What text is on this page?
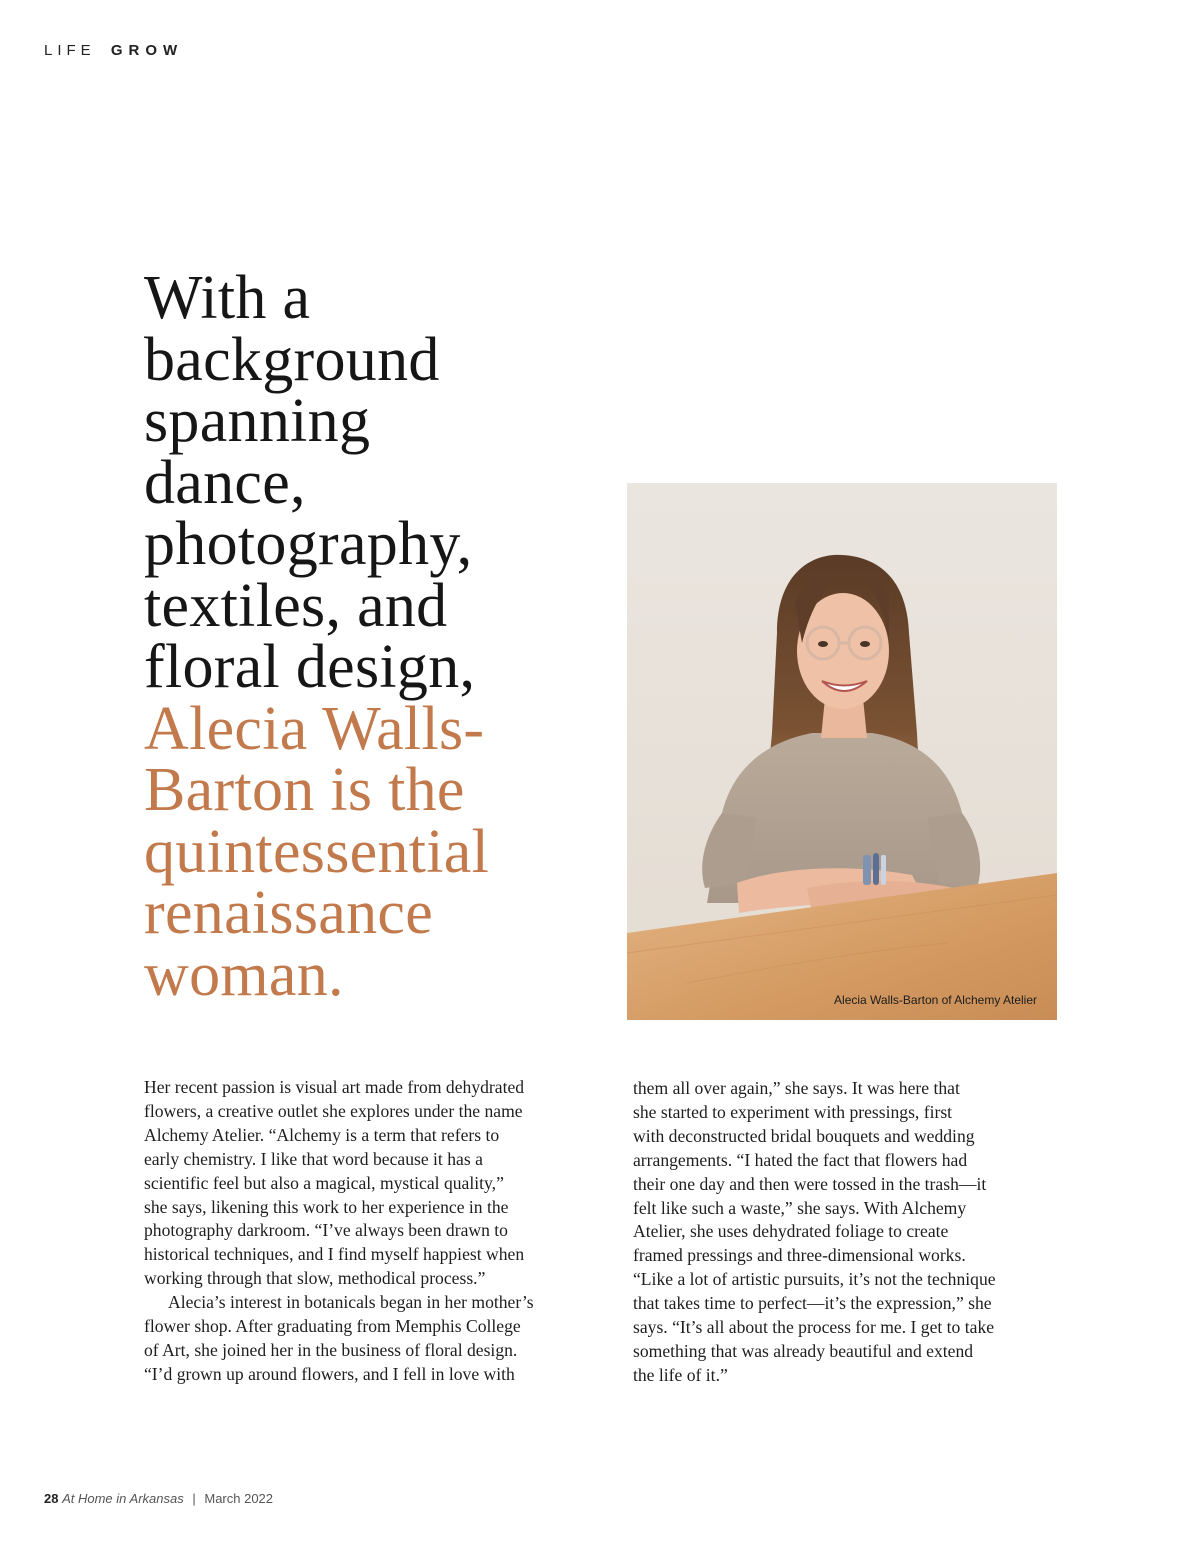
LIFE GROW
With a
background
spanning
dance,
photography,
textiles, and
floral design,
Alecia Walls-
Barton is the
quintessential
renaissance
woman.	Alecia Walls-Barton of Alchemy Atelier
Her recent passion is visual art made from dehydrated
flowers, a creative outlet she explores under the name
Alchemy Atelier. “Alchemy is a term that refers to
early chemistry. I like that word because it has a
scientific feel but also a magical, mystical quality,”
she says, likening this work to her experience in the
photography darkroom. “I’ve always been drawn to
historical techniques, and I find myself happiest when
working through that slow, methodical process.”
Alecia’s interest in botanicals began in her mother’s
flower shop. After graduating from Memphis College
of Art, she joined her in the business of floral design.
“I’d grown up around flowers, and I fell in love with
them all over again,” she says. It was here that
she started to experiment with pressings, first
with deconstructed bridal bouquets and wedding
arrangements. “I hated the fact that flowers had
their one day and then were tossed in the trash—it
felt like such a waste,” she says. With Alchemy
Atelier, she uses dehydrated foliage to create
framed pressings and three-dimensional works.
“Like a lot of artistic pursuits, it’s not the technique
that takes time to perfect—it’s the expression,” she
says. “It’s all about the process for me. I get to take
something that was already beautiful and extend
the life of it.”
28 At Home in Arkansas | March 2022
